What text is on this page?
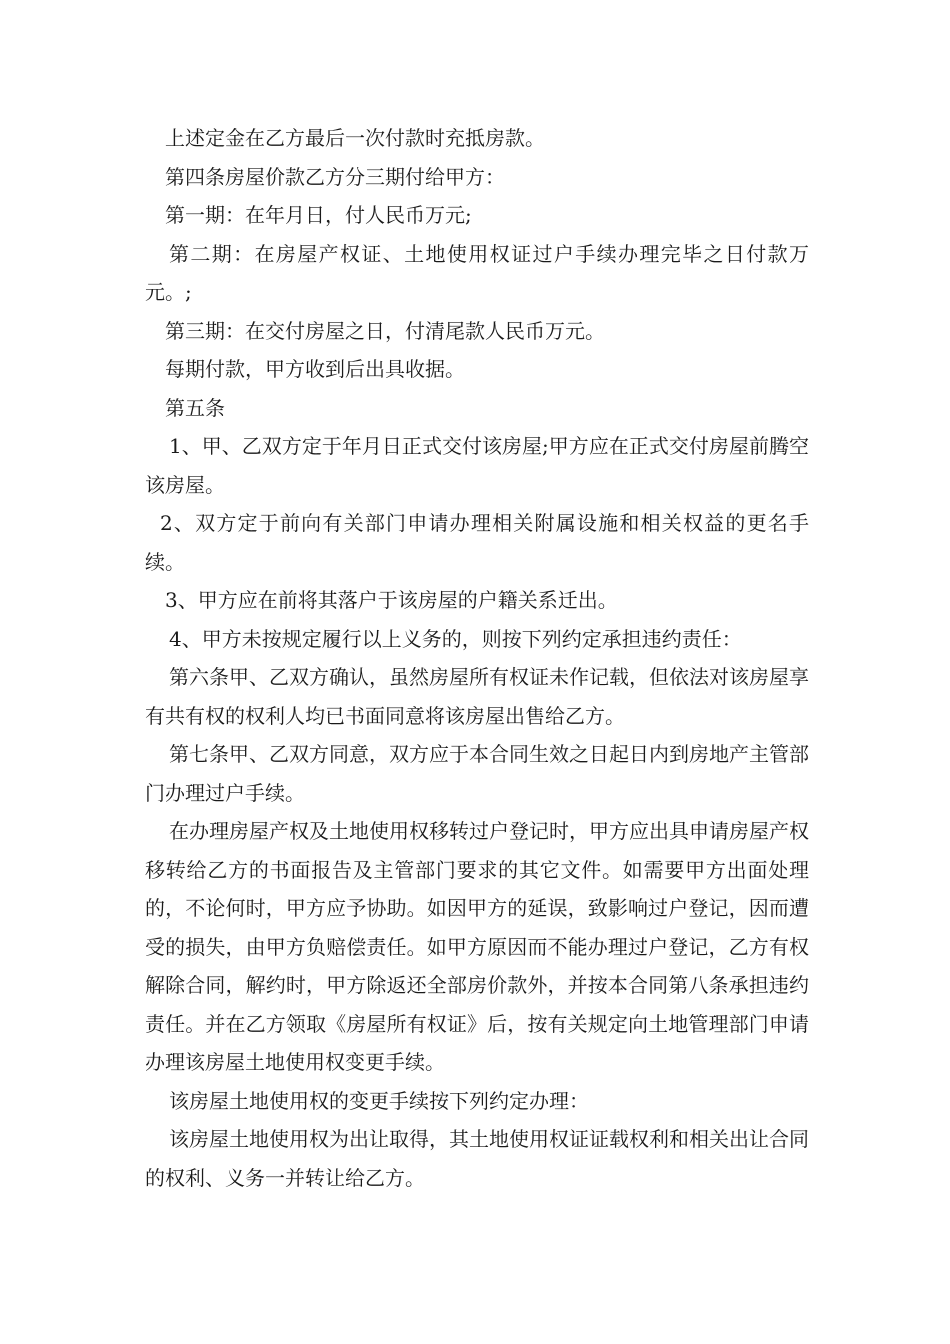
上述定金在乙方最后一次付款时充抵房款。

第四条房屋价款乙方分三期付给甲方：

第一期：在年月日，付人民币万元;

第二期：在房屋产权证、土地使用权证过户手续办理完毕之日付款万元。;

第三期：在交付房屋之日，付清尾款人民币万元。

每期付款，甲方收到后出具收据。

第五条

1、甲、乙双方定于年月日正式交付该房屋;甲方应在正式交付房屋前腾空该房屋。

2、双方定于前向有关部门申请办理相关附属设施和相关权益的更名手续。

3、甲方应在前将其落户于该房屋的户籍关系迁出。

4、甲方未按规定履行以上义务的，则按下列约定承担违约责任：

第六条甲、乙双方确认，虽然房屋所有权证未作记载，但依法对该房屋享有共有权的权利人均已书面同意将该房屋出售给乙方。

第七条甲、乙双方同意，双方应于本合同生效之日起日内到房地产主管部门办理过户手续。

在办理房屋产权及土地使用权移转过户登记时，甲方应出具申请房屋产权移转给乙方的书面报告及主管部门要求的其它文件。如需要甲方出面处理的，不论何时，甲方应予协助。如因甲方的延误，致影响过户登记，因而遭受的损失，由甲方负赔偿责任。如甲方原因而不能办理过户登记，乙方有权解除合同，解约时，甲方除返还全部房价款外，并按本合同第八条承担违约责任。并在乙方领取《房屋所有权证》后，按有关规定向土地管理部门申请办理该房屋土地使用权变更手续。

该房屋土地使用权的变更手续按下列约定办理：

该房屋土地使用权为出让取得，其土地使用权证证载权利和相关出让合同的权利、义务一并转让给乙方。
